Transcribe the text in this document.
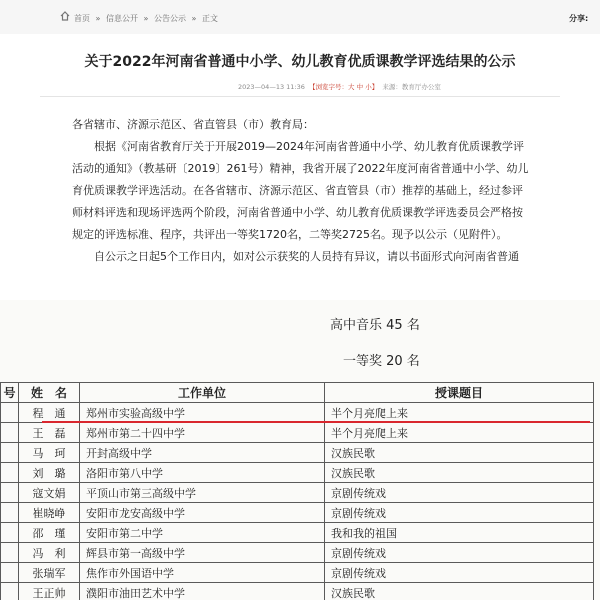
首页 » 信息公开 » 公告公示 » 正文	分享:
关于2022年河南省普通中小学、幼儿教育优质课教学评选结果的公示
2023—04—13 11:36 【浏览字号：大 中 小】 来源：教育厅办公室
各省辖市、济源示范区、省直管县（市）教育局：
　　根据《河南省教育厅关于开展2019—2024年河南省普通中小学、幼儿教育优质课教学评
活动的通知》（教基研〔2019〕261号）精神，我省开展了2022年度河南省普通中小学、幼儿
育优质课教学评选活动。在各省辖市、济源示范区、省直管县（市）推荐的基础上，经过参评
师材料评选和现场评选两个阶段，河南省普通中小学、幼儿教育优质课教学评选委员会严格按
规定的评选标准、程序，共评出一等奖1720名，二等奖2725名。现予以公示（见附件）。
　　自公示之日起5个工作日内，如对公示获奖的人员持有异议，请以书面形式向河南省普通
高中音乐 45 名
一等奖 20 名
号	姓　名	工作单位	授课题目
	程　通	郑州市实验高级中学	半个月亮爬上来
	王　磊	郑州市第二十四中学	半个月亮爬上来
	马　珂	开封高级中学	汉族民歌
	刘　璐	洛阳市第八中学	汉族民歌
	寇文娟	平顶山市第三高级中学	京剧传统戏
	崔晓峥	安阳市龙安高级中学	京剧传统戏
	邵　瑾	安阳市第二中学	我和我的祖国
	冯　利	辉县市第一高级中学	京剧传统戏
	张瑞军	焦作市外国语中学	京剧传统戏
	王正帅	濮阳市油田艺术中学	汉族民歌
